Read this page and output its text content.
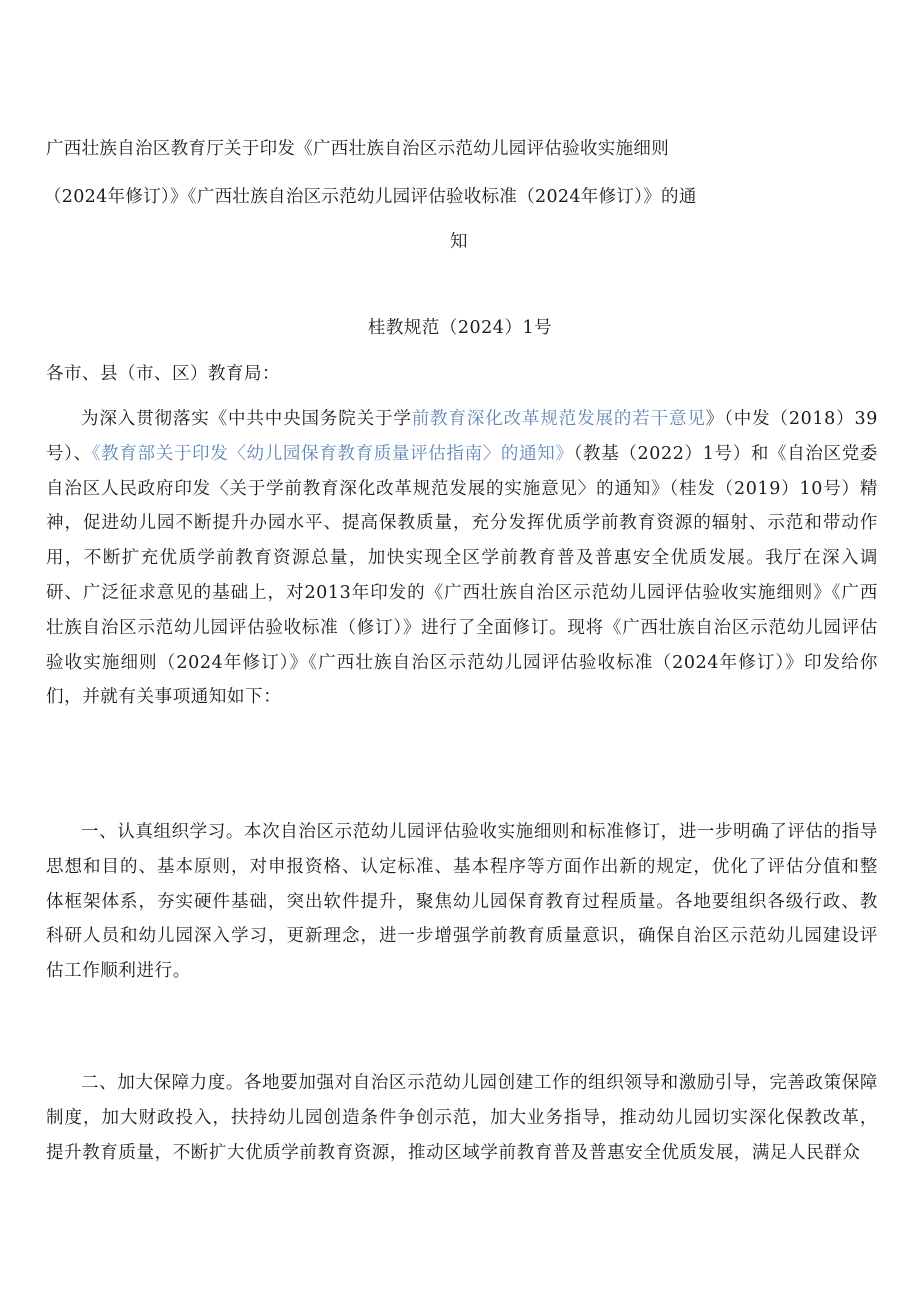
广西壮族自治区教育厅关于印发《广西壮族自治区示范幼儿园评估验收实施细则
（2024年修订）》《广西壮族自治区示范幼儿园评估验收标准（2024年修订）》的通
知
桂教规范（2024）1号
各市、县（市、区）教育局：

为深入贯彻落实《中共中央国务院关于学前教育深化改革规范发展的若干意见》（中发（2018）39号）、《教育部关于印发〈幼儿园保育教育质量评估指南〉的通知》（教基（2022）1号）和《自治区党委自治区人民政府印发〈关于学前教育深化改革规范发展的实施意见〉的通知》（桂发（2019）10号）精神，促进幼儿园不断提升办园水平、提高保教质量，充分发挥优质学前教育资源的辐射、示范和带动作用，不断扩充优质学前教育资源总量，加快实现全区学前教育普及普惠安全优质发展。我厅在深入调研、广泛征求意见的基础上，对2013年印发的《广西壮族自治区示范幼儿园评估验收实施细则》《广西壮族自治区示范幼儿园评估验收标准（修订）》进行了全面修订。现将《广西壮族自治区示范幼儿园评估验收实施细则（2024年修订）》《广西壮族自治区示范幼儿园评估验收标准（2024年修订）》印发给你们，并就有关事项通知如下：

一、认真组织学习。本次自治区示范幼儿园评估验收实施细则和标准修订，进一步明确了评估的指导思想和目的、基本原则，对申报资格、认定标准、基本程序等方面作出新的规定，优化了评估分值和整体框架体系，夯实硬件基础，突出软件提升，聚焦幼儿园保育教育过程质量。各地要组织各级行政、教科研人员和幼儿园深入学习，更新理念，进一步增强学前教育质量意识，确保自治区示范幼儿园建设评估工作顺利进行。

二、加大保障力度。各地要加强对自治区示范幼儿园创建工作的组织领导和激励引导，完善政策保障制度，加大财政投入，扶持幼儿园创造条件争创示范，加大业务指导，推动幼儿园切实深化保教改革，提升教育质量，不断扩大优质学前教育资源，推动区域学前教育普及普惠安全优质发展，满足人民群众
